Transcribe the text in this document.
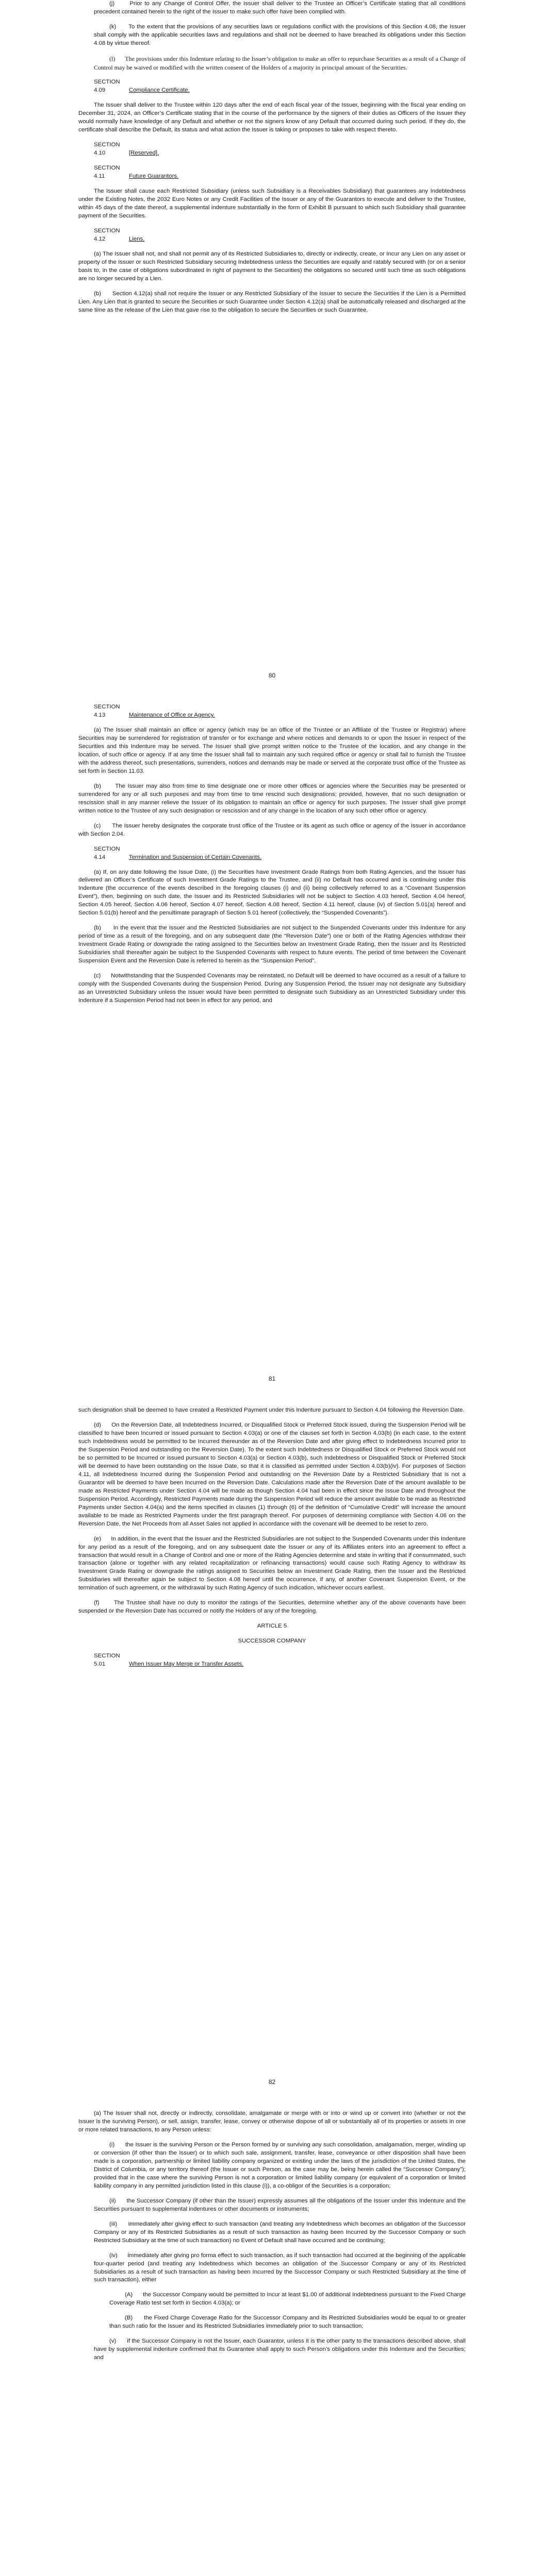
(j)      Prior to any Change of Control Offer, the Issuer shall deliver to the Trustee an Officer’s Certificate stating that all conditions precedent contained herein to the right of the Issuer to make such offer have been complied with.

(k)      To the extent that the provisions of any securities laws or regulations conflict with the provisions of this Section 4.08, the Issuer shall comply with the applicable securities laws and regulations and shall not be deemed to have breached its obligations under this Section 4.08 by virtue thereof.

(l)      The provisions under this Indenture relating to the Issuer’s obligation to make an offer to repurchase Securities as a result of a Change of Control may be waived or modified with the written consent of the Holders of a majority in principal amount of the Securities.

SECTION 4.09	Compliance Certificate.

The Issuer shall deliver to the Trustee within 120 days after the end of each fiscal year of the Issuer, beginning with the fiscal year ending on December 31, 2024, an Officer’s Certificate stating that in the course of the performance by the signers of their duties as Officers of the Issuer they would normally have knowledge of any Default and whether or not the signers know of any Default that occurred during such period. If they do, the certificate shall describe the Default, its status and what action the Issuer is taking or proposes to take with respect thereto.

SECTION 4.10	[Reserved].

SECTION 4.11	Future Guarantors.

The Issuer shall cause each Restricted Subsidiary (unless such Subsidiary is a Receivables Subsidiary) that guarantees any Indebtedness under the Existing Notes, the 2032 Euro Notes or any Credit Facilities of the Issuer or any of the Guarantors to execute and deliver to the Trustee, within 45 days of the date thereof, a supplemental indenture substantially in the form of Exhibit B pursuant to which such Subsidiary shall guarantee payment of the Securities.

SECTION 4.12	Liens.

(a) The Issuer shall not, and shall not permit any of its Restricted Subsidiaries to, directly or indirectly, create, or Incur any Lien on any asset or property of the Issuer or such Restricted Subsidiary securing Indebtedness unless the Securities are equally and ratably secured with (or on a senior basis to, in the case of obligations subordinated in right of payment to the Securities) the obligations so secured until such time as such obligations are no longer secured by a Lien.

(b)      Section 4.12(a) shall not require the Issuer or any Restricted Subsidiary of the Issuer to secure the Securities if the Lien is a Permitted Lien. Any Lien that is granted to secure the Securities or such Guarantee under Section 4.12(a) shall be automatically released and discharged at the same time as the release of the Lien that gave rise to the obligation to secure the Securities or such Guarantee.

80

SECTION 4.13	Maintenance of Office or Agency.

(a) The Issuer shall maintain an office or agency (which may be an office of the Trustee or an Affiliate of the Trustee or Registrar) where Securities may be surrendered for registration of transfer or for exchange and where notices and demands to or upon the Issuer in respect of the Securities and this Indenture may be served. The Issuer shall give prompt written notice to the Trustee of the location, and any change in the location, of such office or agency. If at any time the Issuer shall fail to maintain any such required office or agency or shall fail to furnish the Trustee with the address thereof, such presentations, surrenders, notices and demands may be made or served at the corporate trust office of the Trustee as set forth in Section 11.03.

(b)      The Issuer may also from time to time designate one or more other offices or agencies where the Securities may be presented or surrendered for any or all such purposes and may from time to time rescind such designations; provided, however, that no such designation or rescission shall in any manner relieve the Issuer of its obligation to maintain an office or agency for such purposes. The Issuer shall give prompt written notice to the Trustee of any such designation or rescission and of any change in the location of any such other office or agency.

(c)      The Issuer hereby designates the corporate trust office of the Trustee or its agent as such office or agency of the Issuer in accordance with Section 2.04.

SECTION 4.14	Termination and Suspension of Certain Covenants.

(a) If, on any date following the Issue Date, (i) the Securities have Investment Grade Ratings from both Rating Agencies, and the Issuer has delivered an Officer’s Certificate of such Investment Grade Ratings to the Trustee, and (ii) no Default has occurred and is continuing under this Indenture (the occurrence of the events described in the foregoing clauses (i) and (ii) being collectively referred to as a “Covenant Suspension Event”), then, beginning on such date, the Issuer and its Restricted Subsidiaries will not be subject to Section 4.03 hereof, Section 4.04 hereof, Section 4.05 hereof, Section 4.06 hereof, Section 4.07 hereof, Section 4.08 hereof, Section 4.11 hereof, clause (iv) of Section 5.01(a) hereof and Section 5.01(b) hereof and the penultimate paragraph of Section 5.01 hereof (collectively, the “Suspended Covenants”).

(b)      In the event that the Issuer and the Restricted Subsidiaries are not subject to the Suspended Covenants under this Indenture for any period of time as a result of the foregoing, and on any subsequent date (the “Reversion Date”) one or both of the Rating Agencies withdraw their Investment Grade Rating or downgrade the rating assigned to the Securities below an Investment Grade Rating, then the Issuer and its Restricted Subsidiaries shall thereafter again be subject to the Suspended Covenants with respect to future events. The period of time between the Covenant Suspension Event and the Reversion Date is referred to herein as the “Suspension Period”.

(c)      Notwithstanding that the Suspended Covenants may be reinstated, no Default will be deemed to have occurred as a result of a failure to comply with the Suspended Covenants during the Suspension Period. During any Suspension Period, the Issuer may not designate any Subsidiary as an Unrestricted Subsidiary unless the Issuer would have been permitted to designate such Subsidiary as an Unrestricted Subsidiary under this Indenture if a Suspension Period had not been in effect for any period, and

81

such designation shall be deemed to have created a Restricted Payment under this Indenture pursuant to Section 4.04 following the Reversion Date.

(d)      On the Reversion Date, all Indebtedness Incurred, or Disqualified Stock or Preferred Stock issued, during the Suspension Period will be classified to have been Incurred or issued pursuant to Section 4.03(a) or one of the clauses set forth in Section 4.03(b) (in each case, to the extent such Indebtedness would be permitted to be Incurred thereunder as of the Reversion Date and after giving effect to Indebtedness Incurred prior to the Suspension Period and outstanding on the Reversion Date). To the extent such Indebtedness or Disqualified Stock or Preferred Stock would not be so permitted to be Incurred or issued pursuant to Section 4.03(a) or Section 4.03(b), such Indebtedness or Disqualified Stock or Preferred Stock will be deemed to have been outstanding on the Issue Date, so that it is classified as permitted under Section 4.03(b)(iv). For purposes of Section 4.11, all Indebtedness Incurred during the Suspension Period and outstanding on the Reversion Date by a Restricted Subsidiary that is not a Guarantor will be deemed to have been Incurred on the Reversion Date. Calculations made after the Reversion Date of the amount available to be made as Restricted Payments under Section 4.04 will be made as though Section 4.04 had been in effect since the Issue Date and throughout the Suspension Period. Accordingly, Restricted Payments made during the Suspension Period will reduce the amount available to be made as Restricted Payments under Section 4.04(a) and the items specified in clauses (1) through (6) of the definition of “Cumulative Credit” will increase the amount available to be made as Restricted Payments under the first paragraph thereof. For purposes of determining compliance with Section 4.06 on the Reversion Date, the Net Proceeds from all Asset Sales not applied in accordance with the covenant will be deemed to be reset to zero.

(e)      In addition, in the event that the Issuer and the Restricted Subsidiaries are not subject to the Suspended Covenants under this Indenture for any period as a result of the foregoing, and on any subsequent date the Issuer or any of its Affiliates enters into an agreement to effect a transaction that would result in a Change of Control and one or more of the Rating Agencies determine and state in writing that if consummated, such transaction (alone or together with any related recapitalization or refinancing transactions) would cause such Rating Agency to withdraw its Investment Grade Rating or downgrade the ratings assigned to Securities below an Investment Grade Rating, then the Issuer and the Restricted Subsidiaries will thereafter again be subject to Section 4.08 hereof until the occurrence, if any, of another Covenant Suspension Event, or the termination of such agreement, or the withdrawal by such Rating Agency of such indication, whichever occurs earliest.

(f)      The Trustee shall have no duty to monitor the ratings of the Securities, determine whether any of the above covenants have been suspended or the Reversion Date has occurred or notify the Holders of any of the foregoing.

ARTICLE 5

SUCCESSOR COMPANY

SECTION 5.01	When Issuer May Merge or Transfer Assets.

82

(a) The Issuer shall not, directly or indirectly, consolidate, amalgamate or merge with or into or wind up or convert into (whether or not the Issuer is the surviving Person), or sell, assign, transfer, lease, convey or otherwise dispose of all or substantially all of its properties or assets in one or more related transactions, to any Person unless:

(i)      the Issuer is the surviving Person or the Person formed by or surviving any such consolidation, amalgamation, merger, winding up or conversion (if other than the Issuer) or to which such sale, assignment, transfer, lease, conveyance or other disposition shall have been made is a corporation, partnership or limited liability company organized or existing under the laws of the jurisdiction of the United States, the District of Columbia, or any territory thereof (the Issuer or such Person, as the case may be, being herein called the “Successor Company”); provided that in the case where the surviving Person is not a corporation or limited liability company (or equivalent of a corporation or limited liability company in any permitted jurisdiction listed in this clause (i)), a co-obligor of the Securities is a corporation;

(ii)      the Successor Company (if other than the Issuer) expressly assumes all the obligations of the Issuer under this Indenture and the Securities pursuant to supplemental indentures or other documents or instruments;

(iii)      immediately after giving effect to such transaction (and treating any Indebtedness which becomes an obligation of the Successor Company or any of its Restricted Subsidiaries as a result of such transaction as having been Incurred by the Successor Company or such Restricted Subsidiary at the time of such transaction) no Event of Default shall have occurred and be continuing;

(iv)      immediately after giving pro forma effect to such transaction, as if such transaction had occurred at the beginning of the applicable four-quarter period (and treating any Indebtedness which becomes an obligation of the Successor Company or any of its Restricted Subsidiaries as a result of such transaction as having been Incurred by the Successor Company or such Restricted Subsidiary at the time of such transaction), either

(A)      the Successor Company would be permitted to Incur at least $1.00 of additional Indebtedness pursuant to the Fixed Charge Coverage Ratio test set forth in Section 4.03(a); or

(B)      the Fixed Charge Coverage Ratio for the Successor Company and its Restricted Subsidiaries would be equal to or greater than such ratio for the Issuer and its Restricted Subsidiaries immediately prior to such transaction;

(v)      if the Successor Company is not the Issuer, each Guarantor, unless it is the other party to the transactions described above, shall have by supplemental indenture confirmed that its Guarantee shall apply to such Person’s obligations under this Indenture and the Securities; and
